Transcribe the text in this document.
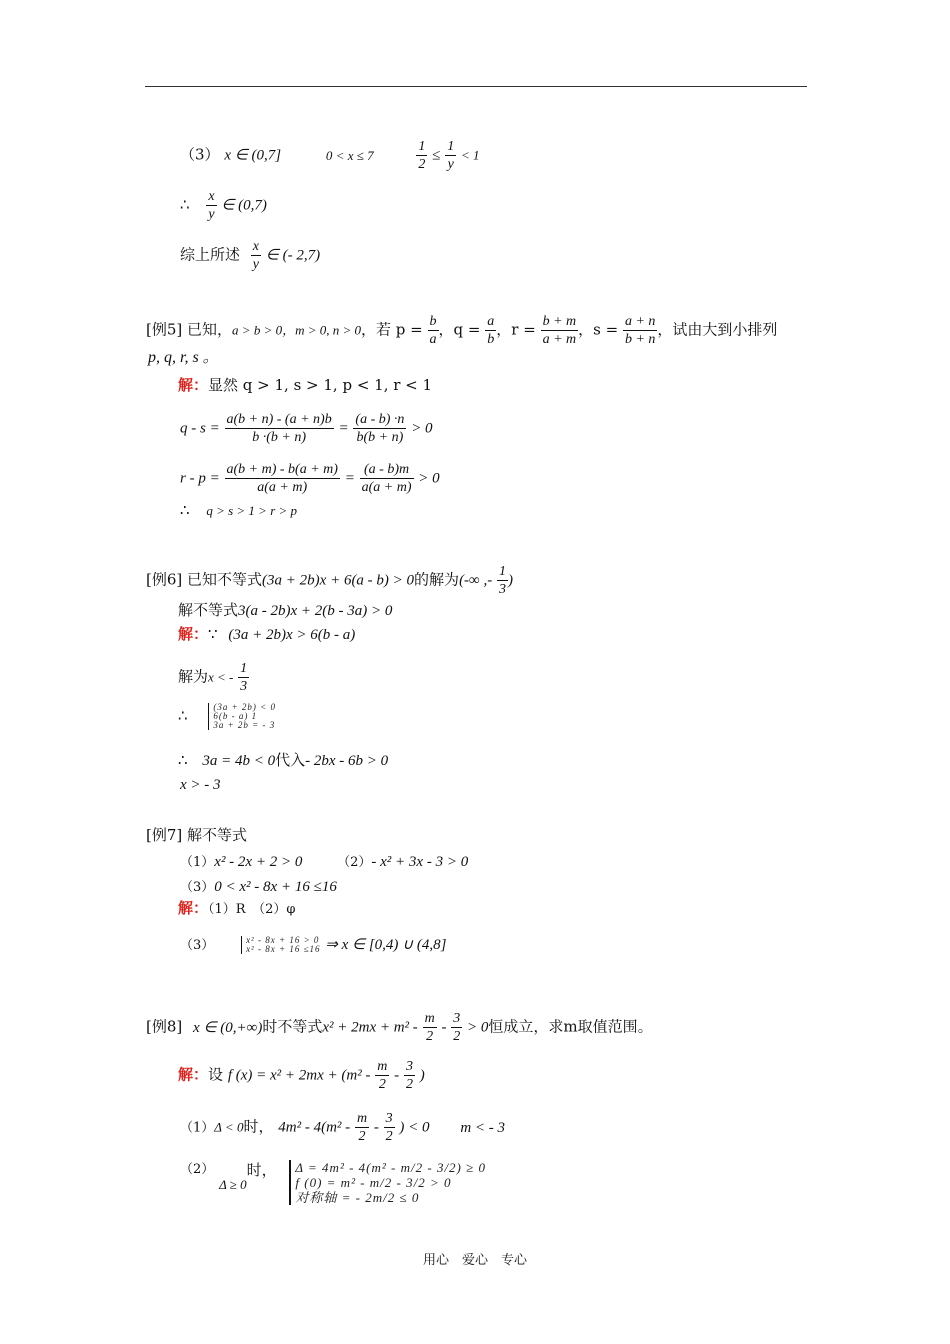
（3） x ∈ (0,7]	0 < x ≤ 7	$\frac{1}{2} \le \frac{1}{y} < 1$
∴ $\frac{x}{y}$ ∈ (0,7)
综上所述 $\frac{x}{y}$ ∈ (- 2,7)
[例5] 已知，a > b > 0，m > 0, n > 0，若 $p = \frac{b}{a}$ ，$q = \frac{a}{b}$ ，$r = \frac{b + m}{a + m}$ ，$s = \frac{a + n}{b + n}$ ，试由大到小排列
p, q, r, s 。
解：显然 q > 1, s > 1, p < 1, r < 1
$q - s = \frac{a(b + n) - (a + n)b}{b \cdot(b + n)} = \frac{(a - b) \cdot n}{b(b + n)} > 0$
$r - p = \frac{a(b + m) - b(a + m)}{a(a + m)} = \frac{(a - b)m}{a(a + m)} > 0$
∴ q > s > 1 > r > p
[例6] 已知不等式(3a + 2b)x + 6(a - b) > 0的解为(-∞ ,- $\frac{1}{3}$ )
解不等式3(a - 2b)x + 2(b - 3a) > 0
解：∵ (3a + 2b)x > 6(b - a)
解为x < - $\frac{1}{3}$
∴	(3a + 2b) < 0
6(b - a) 1
3a + 2b = - 3
∴ 3a = 4b < 0代入- 2bx - 6b > 0
x > - 3
[例7] 解不等式
（1）x² - 2x + 2 > 0	（2）- x² + 3x - 3 > 0
（3）0 < x² - 8x + 16 ≤16
解：（1）R　（2）φ
（3）	x² - 8x + 16 > 0
x² - 8x + 16 ≤16 ⇒ x ∈ [0,4) ∪ (4,8]
[例8] x ∈ (0,+∞)时不等式$x^2 + 2mx + m^2 - \frac{m}{2} - \frac{3}{2} > 0$恒成立，求m取值范围。
解：设 f $(x) = x^2 + 2mx + (m^2 - \frac{m}{2} - \frac{3}{2}$ )
（1）Δ < 0时， $4m^2 - 4(m^2 - \frac{m}{2} - \frac{3}{2}$ ) < 0 m < - 3
（2） Δ ≥ 0时， Δ = 4m² - 4(m² - m/2 - 3/2) ≥ 0
f (0) = m² - m/2 - 3/2 > 0
对称轴 = - 2m/2 ≤ 0
用心　爱心　专心
